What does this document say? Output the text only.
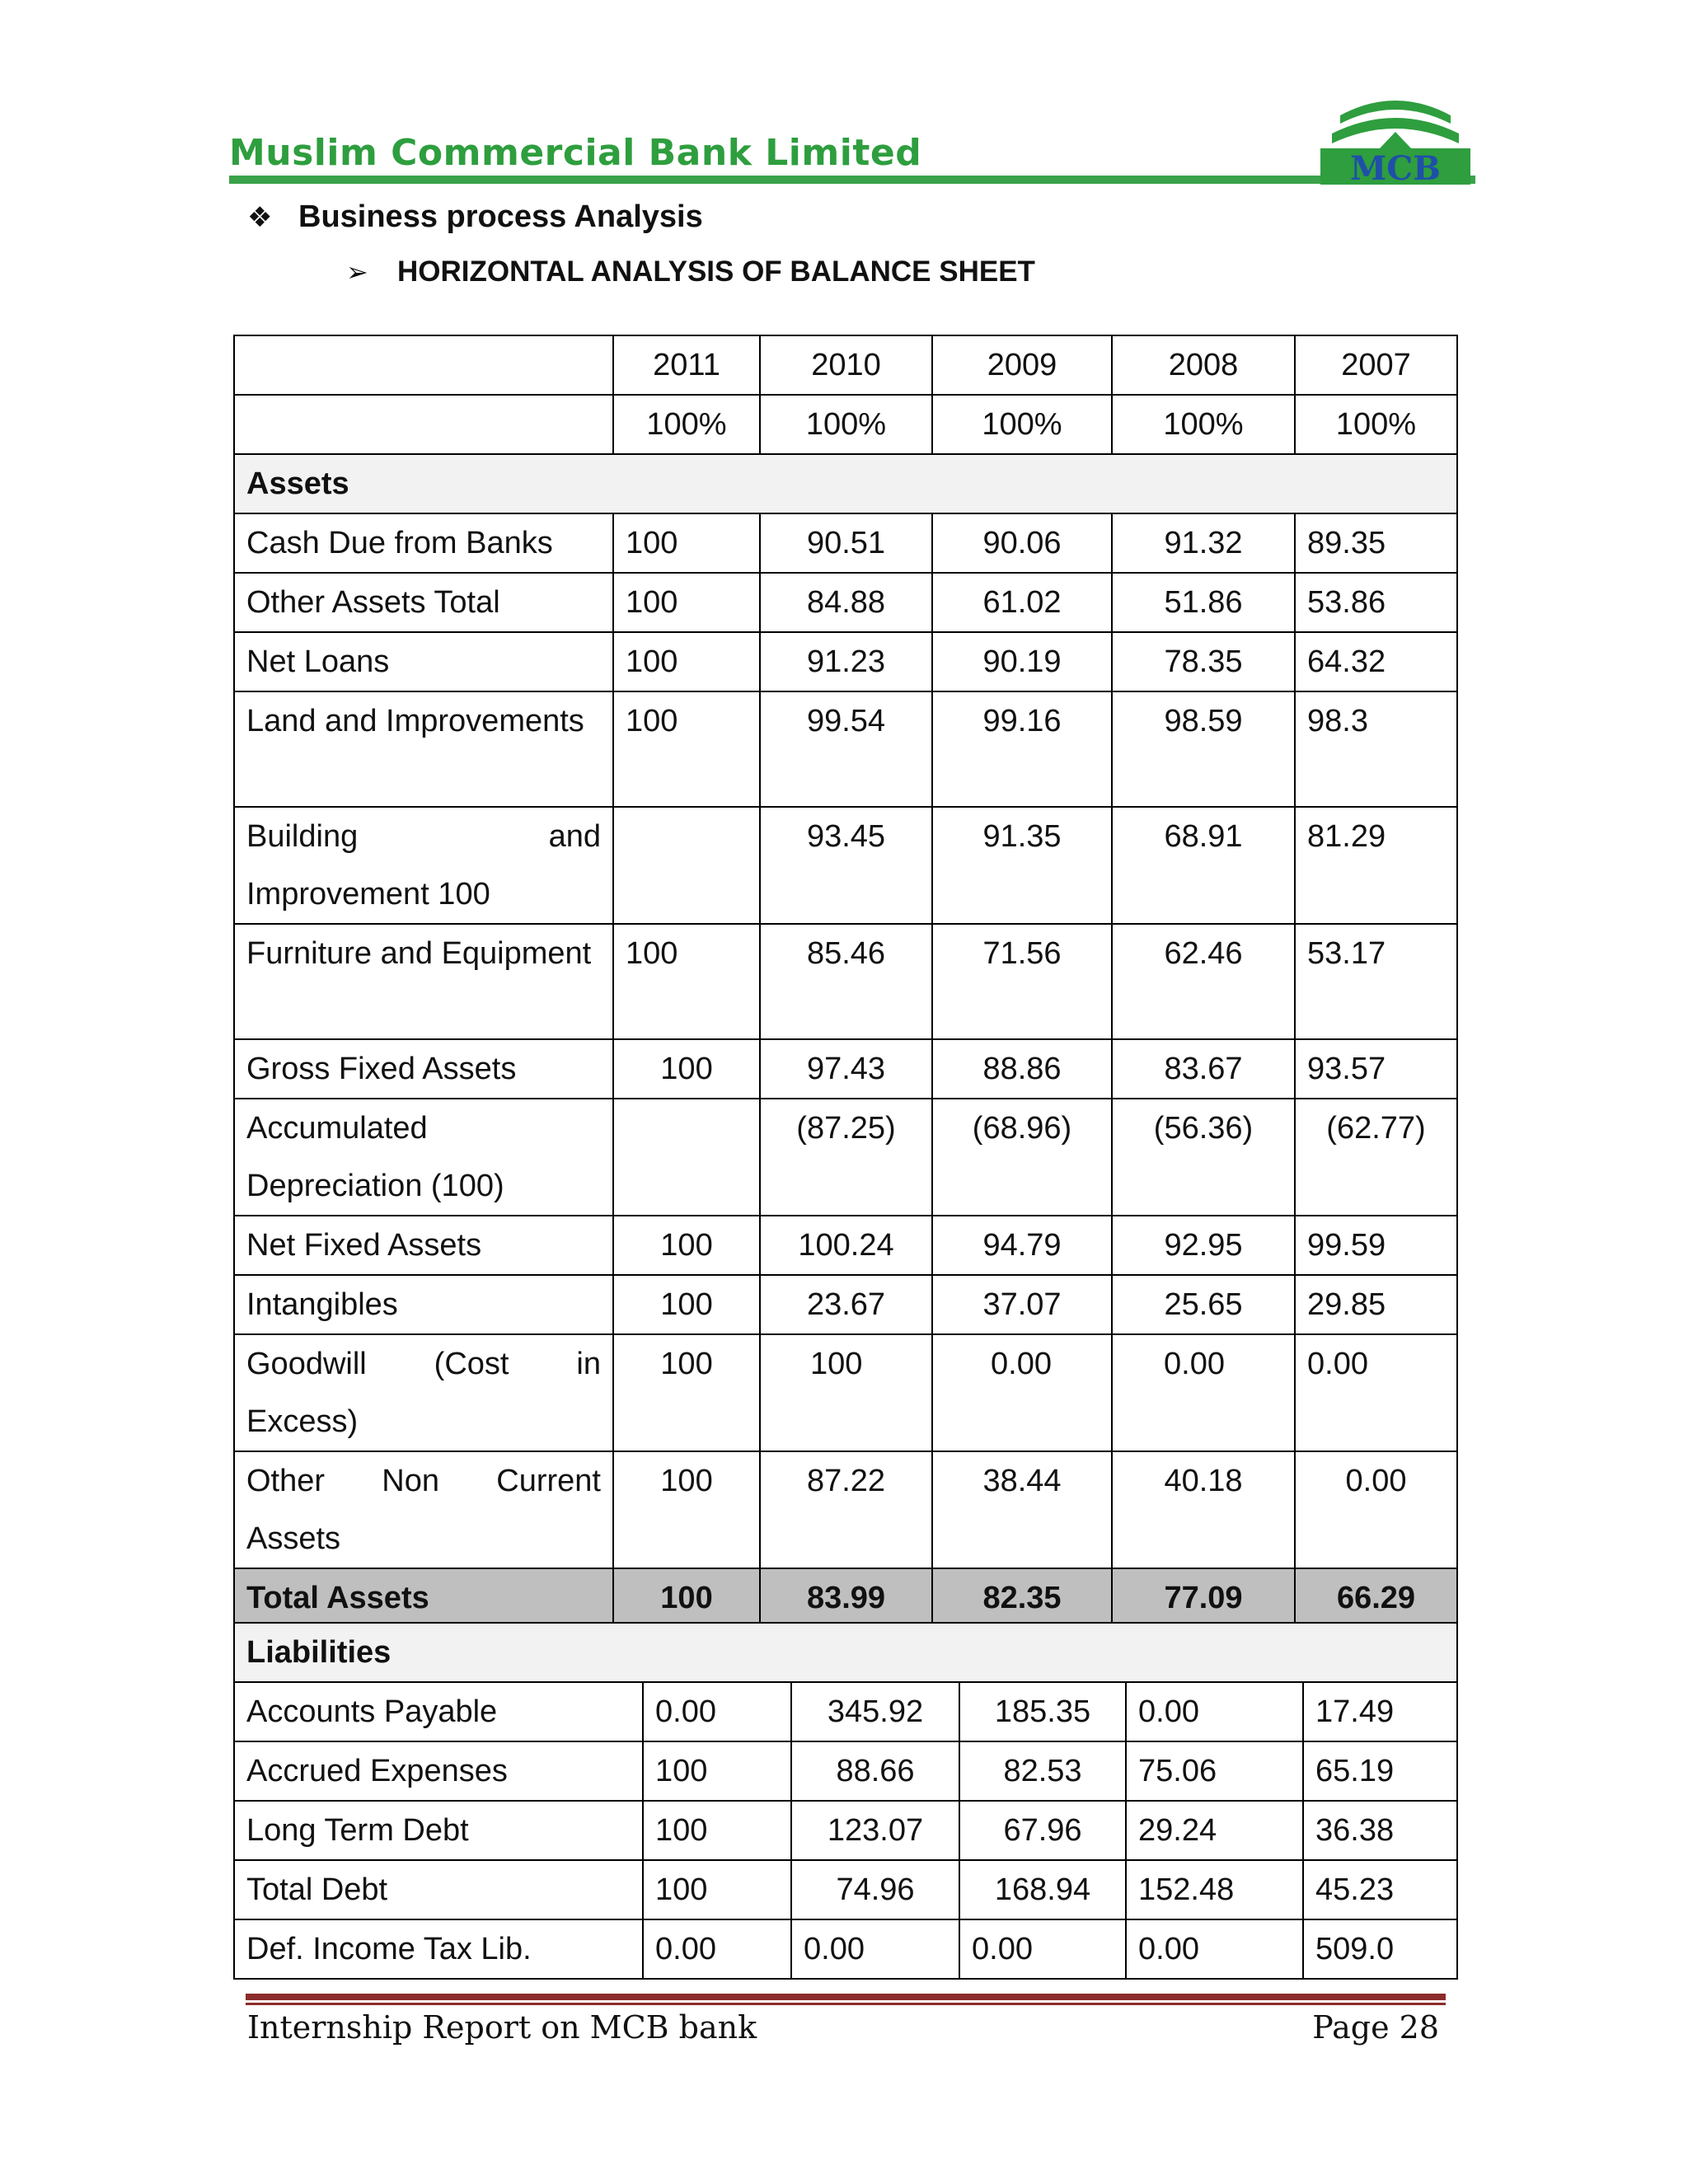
Muslim Commercial Bank Limited	MCB
❖ Business process Analysis
➢ HORIZONTAL ANALYSIS OF BALANCE SHEET
	2011	2010	2009	2008	2007
	100%	100%	100%	100%	100%
Assets					
Cash Due from Banks	100	90.51	90.06	91.32	89.35
Other Assets Total	100	84.88	61.02	51.86	53.86
Net Loans	100	91.23	90.19	78.35	64.32
Land and Improvements	100	99.54	99.16	98.59	98.3
Building and Improvement 100		93.45	91.35	68.91	81.29
Furniture and Equipment	100	85.46	71.56	62.46	53.17
Gross Fixed Assets	100	97.43	88.86	83.67	93.57
Accumulated Depreciation (100)		(87.25)	(68.96)	(56.36)	(62.77)
Net Fixed Assets	100	100.24	94.79	92.95	99.59
Intangibles	100	23.67	37.07	25.65	29.85
Goodwill (Cost in Excess)	100	100	0.00	0.00	0.00
Other Non Current Assets	100	87.22	38.44	40.18	0.00
Total Assets	100	83.99	82.35	77.09	66.29
Liabilities					
Accounts Payable	0.00	345.92	185.35	0.00	17.49
Accrued Expenses	100	88.66	82.53	75.06	65.19
Long Term Debt	100	123.07	67.96	29.24	36.38
Total Debt	100	74.96	168.94	152.48	45.23
Def. Income Tax Lib.	0.00	0.00	0.00	0.00	509.0
Internship Report on MCB bank	Page 28
